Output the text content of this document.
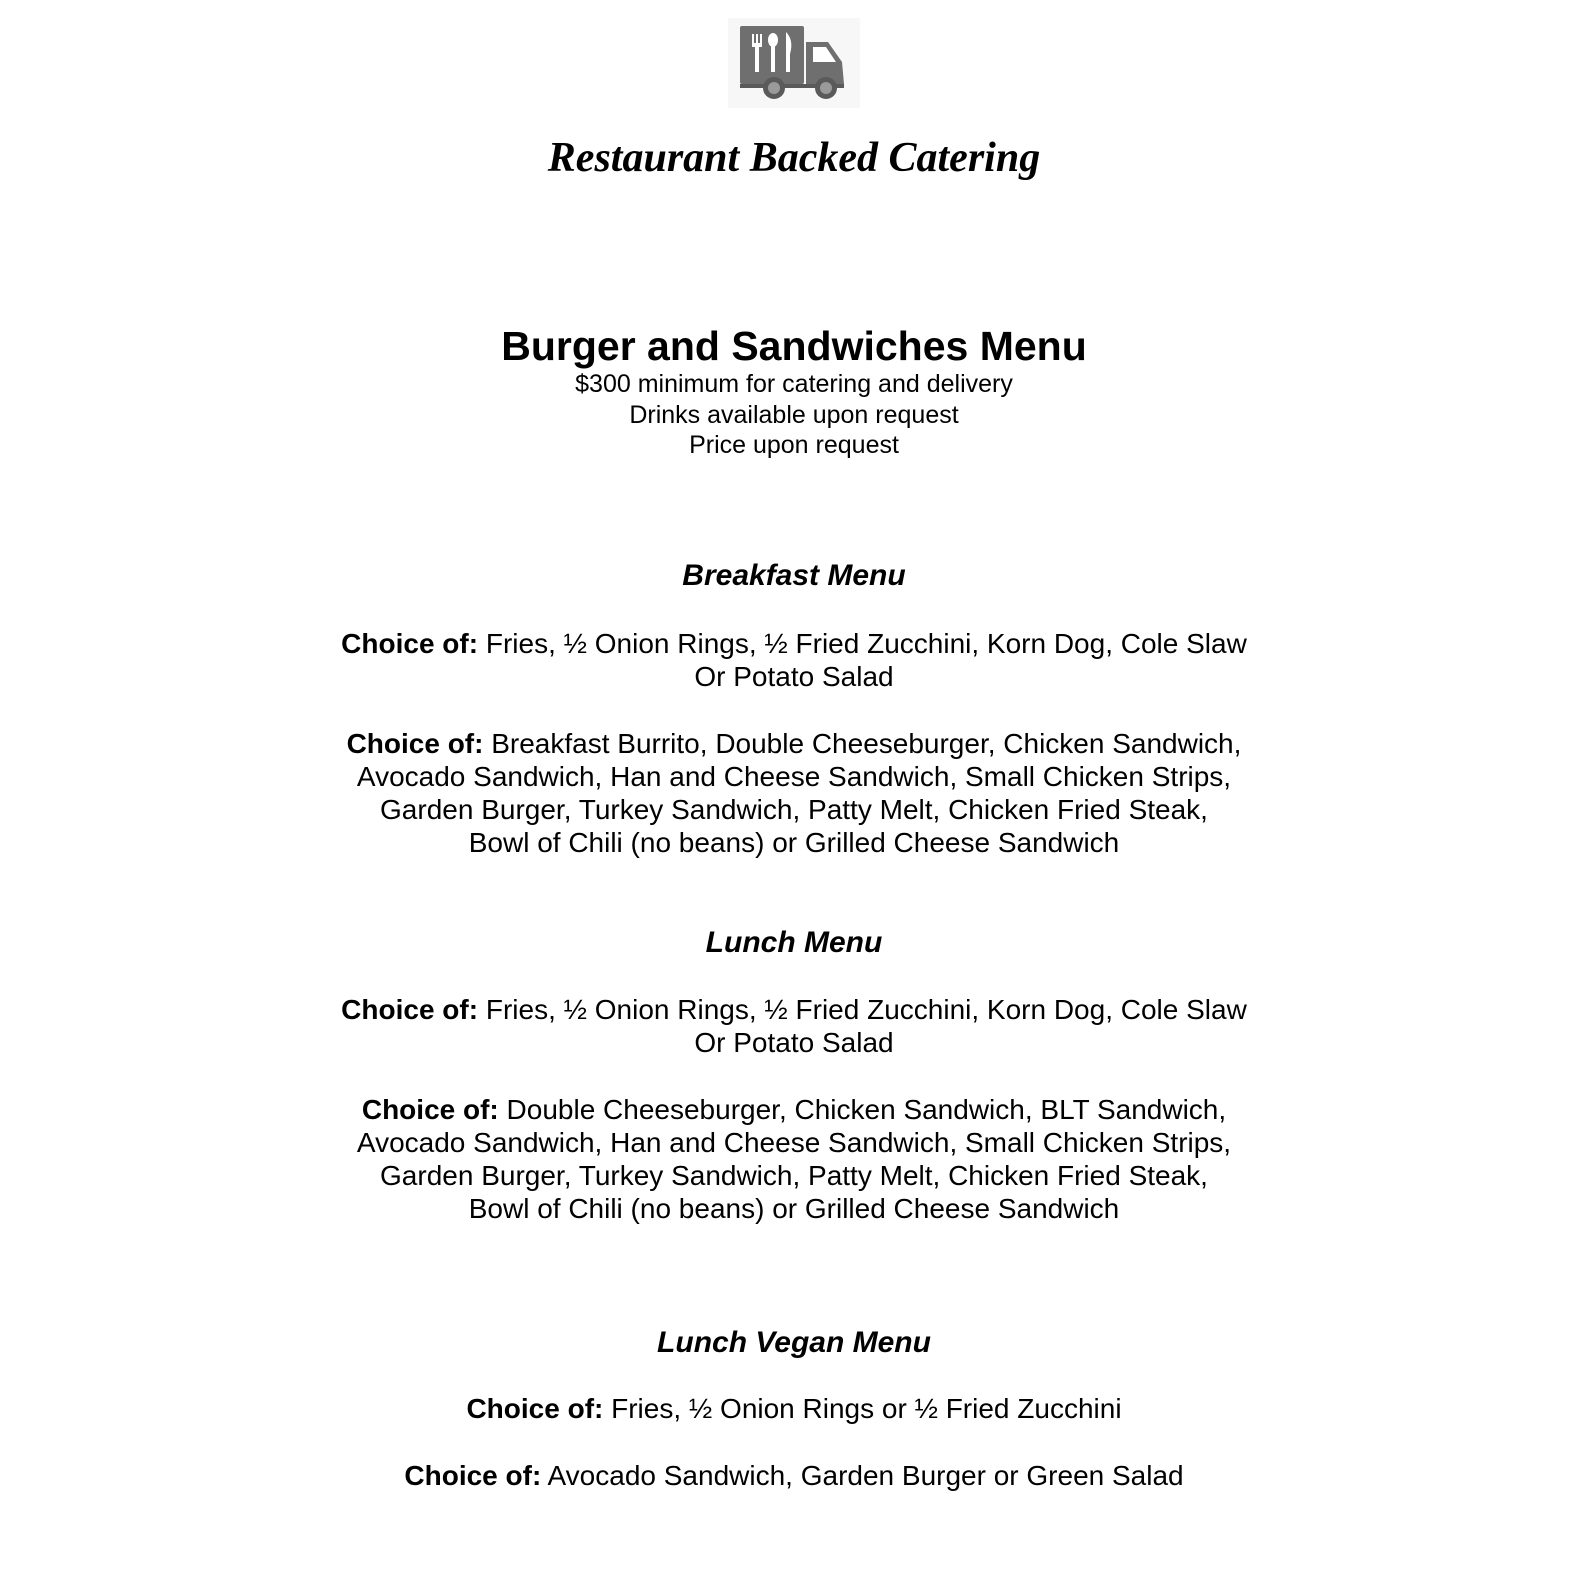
Restaurant Backed Catering
Burger and Sandwiches Menu
$300 minimum for catering and delivery
Drinks available upon request
Price upon request
Breakfast Menu
Choice of: Fries, ½ Onion Rings, ½ Fried Zucchini, Korn Dog, Cole Slaw
Or Potato Salad
Choice of: Breakfast Burrito, Double Cheeseburger, Chicken Sandwich,
Avocado Sandwich, Han and Cheese Sandwich, Small Chicken Strips,
Garden Burger, Turkey Sandwich, Patty Melt, Chicken Fried Steak,
Bowl of Chili (no beans) or Grilled Cheese Sandwich
Lunch Menu
Choice of: Fries, ½ Onion Rings, ½ Fried Zucchini, Korn Dog, Cole Slaw
Or Potato Salad
Choice of: Double Cheeseburger, Chicken Sandwich, BLT Sandwich,
Avocado Sandwich, Han and Cheese Sandwich, Small Chicken Strips,
Garden Burger, Turkey Sandwich, Patty Melt, Chicken Fried Steak,
Bowl of Chili (no beans) or Grilled Cheese Sandwich
Lunch Vegan Menu
Choice of: Fries, ½ Onion Rings or ½ Fried Zucchini
Choice of: Avocado Sandwich, Garden Burger or Green Salad
